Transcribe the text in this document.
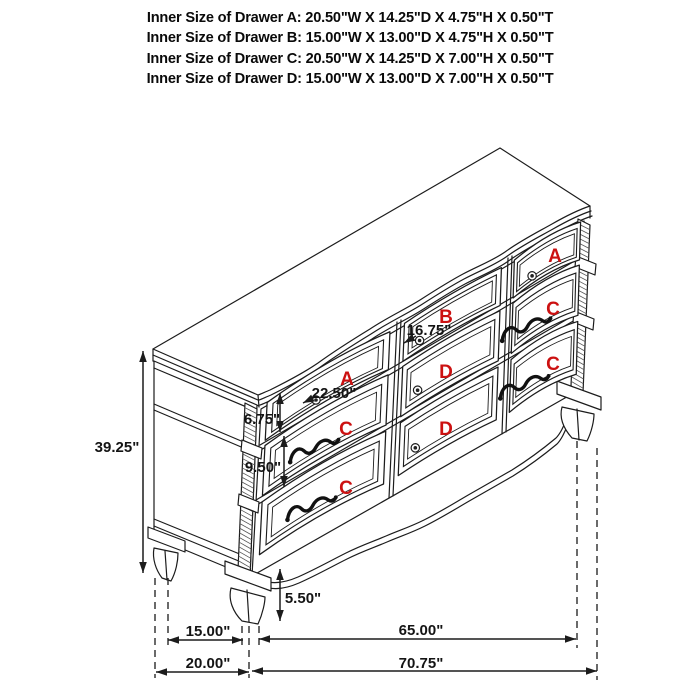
Inner Size of Drawer A: 20.50"W X 14.25"D X 4.75"H X 0.50"T
Inner Size of Drawer B: 15.00"W X 13.00"D X 4.75"H X 0.50"T
Inner Size of Drawer C: 20.50"W X 14.25"D X 7.00"H X 0.50"T
Inner Size of Drawer D: 15.00"W X 13.00"D X 7.00"H X 0.50"T
A
C
C
B
D
D
A
C
C
39.25"
6.75"
9.50"
5.50"
22.50"
16.75"
15.00"
20.00"
65.00"
70.75"
